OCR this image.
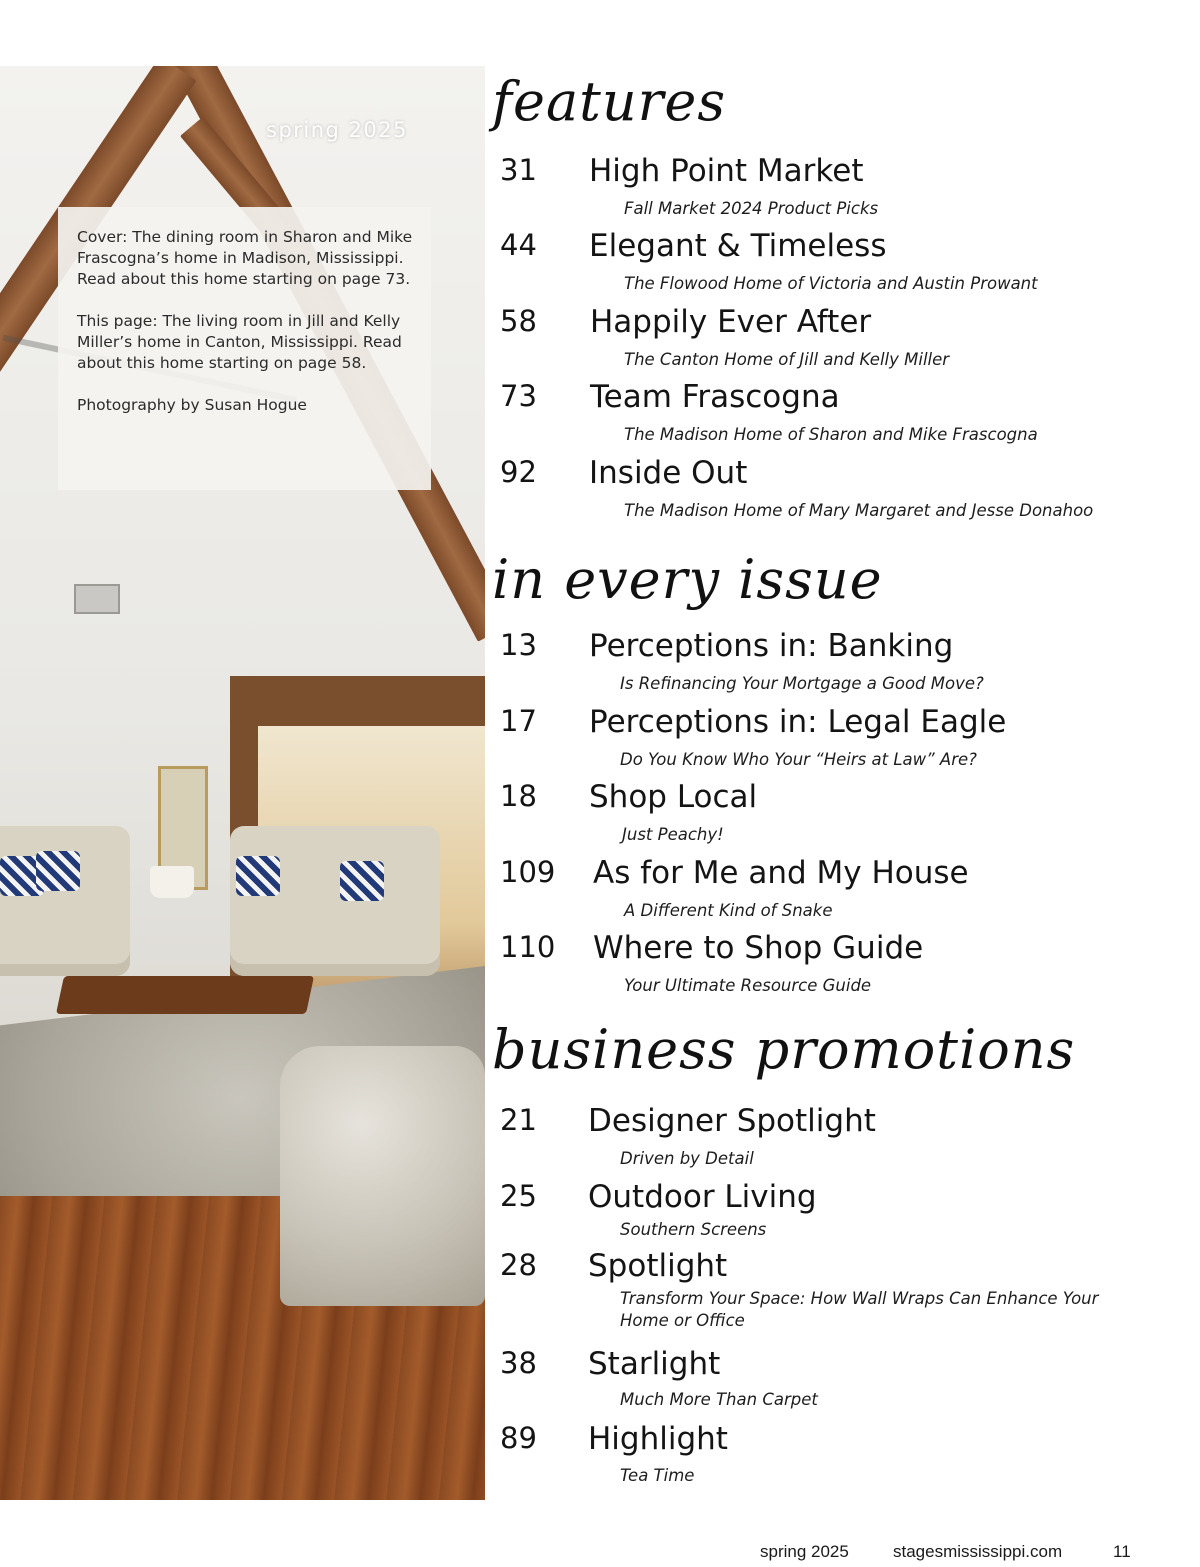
spring 2025

Cover: The dining room in Sharon and Mike Frascogna’s home in Madison, Mississippi. Read about this home starting on page 73.

This page: The living room in Jill and Kelly Miller’s home in Canton, Mississippi. Read about this home starting on page 58.

Photography by Susan Hogue

features
31 High Point Market
Fall Market 2024 Product Picks
44 Elegant & Timeless
The Flowood Home of Victoria and Austin Prowant
58 Happily Ever After
The Canton Home of Jill and Kelly Miller
73 Team Frascogna
The Madison Home of Sharon and Mike Frascogna
92 Inside Out
The Madison Home of Mary Margaret and Jesse Donahoo
in every issue
13 Perceptions in: Banking
Is Refinancing Your Mortgage a Good Move?
17 Perceptions in: Legal Eagle
Do You Know Who Your “Heirs at Law” Are?
18 Shop Local
Just Peachy!
109 As for Me and My House
A Different Kind of Snake
110 Where to Shop Guide
Your Ultimate Resource Guide
business promotions
21 Designer Spotlight
Driven by Detail
25 Outdoor Living
Southern Screens
28 Spotlight
Transform Your Space: How Wall Wraps Can Enhance Your Home or Office
38 Starlight
Much More Than Carpet
89 Highlight
Tea Time
spring 2025	stagesmississippi.com	11
